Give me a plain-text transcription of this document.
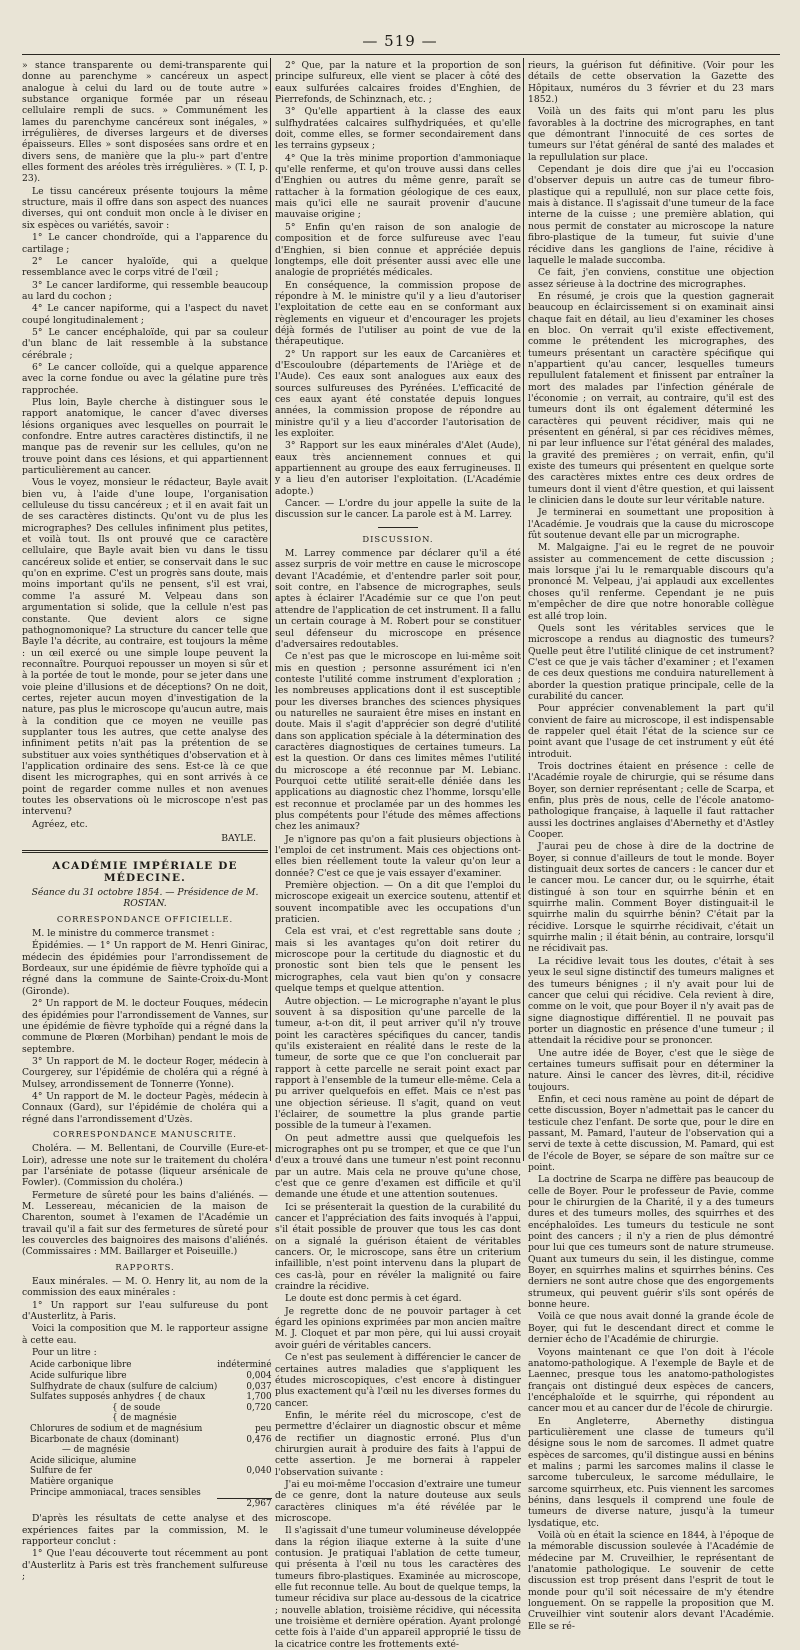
— 519 —

» stance transparente ou demi-transparente qui donne au parenchyme » cancéreux un aspect analogue à celui du lard ou de toute autre » substance organique formée par un réseau cellulaire rempli de sucs. » Communément les lames du parenchyme cancéreux sont inégales, » irrégulières, de diverses largeurs et de diverses épaisseurs. Elles » sont disposées sans ordre et en divers sens, de manière que la plu-» part d'entre elles forment des aréoles très irrégulières. » (T. I, p. 23).

Le tissu cancéreux présente toujours la même structure, mais il offre dans son aspect des nuances diverses, qui ont conduit mon oncle à le diviser en six espèces ou variétés, savoir :

1° Le cancer chondroïde, qui a l'apparence du cartilage ;

2° Le cancer hyaloïde, qui a quelque ressemblance avec le corps vitré de l'œil ;

3° Le cancer lardiforme, qui ressemble beaucoup au lard du cochon ;

4° Le cancer napiforme, qui a l'aspect du navet coupé longitudinalement ;

5° Le cancer encéphaloïde, qui par sa couleur d'un blanc de lait ressemble à la substance cérébrale ;

6° Le cancer colloïde, qui a quelque apparence avec la corne fondue ou avec la gélatine pure très rapprochée.

Plus loin, Bayle cherche à distinguer sous le rapport anatomique, le cancer d'avec diverses lésions organiques avec lesquelles on pourrait le confondre. Entre autres caractères distinctifs, il ne manque pas de revenir sur les cellules, qu'on ne trouve point dans ces lésions, et qui appartiennent particulièrement au cancer.

Vous le voyez, monsieur le rédacteur, Bayle avait bien vu, à l'aide d'une loupe, l'organisation celluleuse du tissu cancéreux ; et il en avait fait un de ses caractères distincts. Qu'ont vu de plus les micrographes? Des cellules infiniment plus petites, et voilà tout. Ils ont prouvé que ce caractère cellulaire, que Bayle avait bien vu dans le tissu cancéreux solide et entier, se conservait dans le suc qu'on en exprime. C'est un progrès sans doute, mais moins important qu'ils ne pensent, s'il est vrai, comme l'a assuré M. Velpeau dans son argumentation si solide, que la cellule n'est pas constante. Que devient alors ce signe pathognomonique? La structure du cancer telle que Bayle l'a décrite, au contraire, est toujours la même : un œil exercé ou une simple loupe peuvent la reconnaître. Pourquoi repousser un moyen si sûr et à la portée de tout le monde, pour se jeter dans une voie pleine d'illusions et de déceptions? On ne doit, certes, rejeter aucun moyen d'investigation de la nature, pas plus le microscope qu'aucun autre, mais à la condition que ce moyen ne veuille pas supplanter tous les autres, que cette analyse des infiniment petits n'ait pas la prétention de se substituer aux voies synthétiques d'observation et à l'application ordinaire des sens. Est-ce là ce que disent les micrographes, qui en sont arrivés à ce point de regarder comme nulles et non avenues toutes les observations où le microscope n'est pas intervenu?

Agréez, etc.

BAYLE.

ACADÉMIE IMPÉRIALE DE MÉDECINE.
Séance du 31 octobre 1854. — Présidence de M. ROSTAN.
CORRESPONDANCE OFFICIELLE.

M. le ministre du commerce transmet :

Épidémies. — 1° Un rapport de M. Henri Ginirac, médecin des épidémies pour l'arrondissement de Bordeaux, sur une épidémie de fièvre typhoïde qui a régné dans la commune de Sainte-Croix-du-Mont (Gironde).

2° Un rapport de M. le docteur Fouques, médecin des épidémies pour l'arrondissement de Vannes, sur une épidémie de fièvre typhoïde qui a régné dans la commune de Plœren (Morbihan) pendant le mois de septembre.

3° Un rapport de M. le docteur Roger, médecin à Courgerey, sur l'épidémie de choléra qui a régné à Mulsey, arrondissement de Tonnerre (Yonne).

4° Un rapport de M. le docteur Pagès, médecin à Connaux (Gard), sur l'épidémie de choléra qui a régné dans l'arrondissement d'Uzès.

CORRESPONDANCE MANUSCRITE.

Choléra. — M. Bellentani, de Courville (Eure-et-Loir), adresse une note sur le traitement du choléra par l'arséniate de potasse (liqueur arsénicale de Fowler). (Commission du choléra.)

Fermeture de sûreté pour les bains d'aliénés. — M. Lessereau, mécanicien de la maison de Charenton, soumet à l'examen de l'Académie un travail qu'il a fait sur des fermetures de sûreté pour les couvercles des baignoires des maisons d'aliénés. (Commissaires : MM. Baillarger et Poiseuille.)

RAPPORTS.

Eaux minérales. — M. O. Henry lit, au nom de la commission des eaux minérales :

1° Un rapport sur l'eau sulfureuse du pont d'Austerlitz, à Paris.

Voici la composition que M. le rapporteur assigne à cette eau.

Pour un litre :

Acide carbonique libre	indéterminé
Acide sulfurique libre	0,004
Sulfhydrate de chaux (sulfure de calcium)	0,037
Sulfates supposés anhydres { de chaux	1,700
{ de soude	0,720
{ de magnésie	
Chlorures de sodium et de magnésium	peu
Bicarbonate de chaux (dominant)	0,476
— de magnésie	
Acide silicique, alumine	
Sulfure de fer	0,040
Matière organique	
Principe ammoniacal, traces sensibles	
	2,967

D'après les résultats de cette analyse et des expériences faites par la commission, M. le rapporteur conclut :

1° Que l'eau découverte tout récemment au pont d'Austerlitz à Paris est très franchement sulfureuse ;

2° Que, par la nature et la proportion de son principe sulfureux, elle vient se placer à côté des eaux sulfurées calcaires froides d'Enghien, de Pierrefonds, de Schinznach, etc. ;

3° Qu'elle appartient à la classe des eaux sulfhydratées calcaires sulfhydriquées, et qu'elle doit, comme elles, se former secondairement dans les terrains gypseux ;

4° Que la très minime proportion d'ammoniaque qu'elle renferme, et qu'on trouve aussi dans celles d'Enghien ou autres du même genre, paraît se rattacher à la formation géologique de ces eaux, mais qu'ici elle ne saurait provenir d'aucune mauvaise origine ;

5° Enfin qu'en raison de son analogie de composition et de force sulfureuse avec l'eau d'Enghien, si bien connue et appréciée depuis longtemps, elle doit présenter aussi avec elle une analogie de propriétés médicales.

En conséquence, la commission propose de répondre à M. le ministre qu'il y a lieu d'autoriser l'exploitation de cette eau en se conformant aux règlements en vigueur et d'encourager les projets déjà formés de l'utiliser au point de vue de la thérapeutique.

2° Un rapport sur les eaux de Carcanières et d'Escouloubre (départements de l'Ariège et de l'Aude). Ces eaux sont analogues aux eaux des sources sulfureuses des Pyrénées. L'efficacité de ces eaux ayant été constatée depuis longues années, la commission propose de répondre au ministre qu'il y a lieu d'accorder l'autorisation de les exploiter.

3° Rapport sur les eaux minérales d'Alet (Aude), eaux très anciennement connues et qui appartiennent au groupe des eaux ferrugineuses. Il y a lieu d'en autoriser l'exploitation. (L'Académie adopte.)

Cancer. — L'ordre du jour appelle la suite de la discussion sur le cancer. La parole est à M. Larrey.

DISCUSSION.

M. Larrey commence par déclarer qu'il a été assez surpris de voir mettre en cause le microscope devant l'Académie, et d'entendre parler soit pour, soit contre, en l'absence de micrographes, seuls aptes à éclairer l'Académie sur ce que l'on peut attendre de l'application de cet instrument. Il a fallu un certain courage à M. Robert pour se constituer seul défenseur du microscope en présence d'adversaires redoutables.

Ce n'est pas que le microscope en lui-même soit mis en question ; personne assurément ici n'en conteste l'utilité comme instrument d'exploration ; les nombreuses applications dont il est susceptible pour les diverses branches des sciences physiques ou naturelles ne sauraient être mises en instant en doute. Mais il s'agit d'apprécier son degré d'utilité dans son application spéciale à la détermination des caractères diagnostiques de certaines tumeurs. La est la question. Or dans ces limites mêmes l'utilité du microscope a été reconnue par M. Lebianc. Pourquoi cette utilité serait-elle déniée dans les applications au diagnostic chez l'homme, lorsqu'elle est reconnue et proclamée par un des hommes les plus compétents pour l'étude des mêmes affections chez les animaux?

Je n'ignore pas qu'on a fait plusieurs objections à l'emploi de cet instrument. Mais ces objections ont-elles bien réellement toute la valeur qu'on leur a donnée? C'est ce que je vais essayer d'examiner.

Première objection. — On a dit que l'emploi du microscope exigeait un exercice soutenu, attentif et souvent incompatible avec les occupations d'un praticien.

Cela est vrai, et c'est regrettable sans doute ; mais si les avantages qu'on doit retirer du microscope pour la certitude du diagnostic et du pronostic sont bien tels que le pensent les micrographes, cela vaut bien qu'on y consacre quelque temps et quelque attention.

Autre objection. — Le micrographe n'ayant le plus souvent à sa disposition qu'une parcelle de la tumeur, a-t-on dit, il peut arriver qu'il n'y trouve point les caractères spécifiques du cancer, tandis qu'ils existeraient en réalité dans le reste de la tumeur, de sorte que ce que l'on concluerait par rapport à cette parcelle ne serait point exact par rapport à l'ensemble de la tumeur elle-même. Cela a pu arriver quelquefois en effet. Mais ce n'est pas une objection sérieuse. Il s'agit, quand on veut l'éclairer, de soumettre la plus grande partie possible de la tumeur à l'examen.

On peut admettre aussi que quelquefois les micrographes ont pu se tromper, et que ce que l'un d'eux a trouvé dans une tumeur n'est point reconnu par un autre. Mais cela ne prouve qu'une chose, c'est que ce genre d'examen est difficile et qu'il demande une étude et une attention soutenues.

Ici se présenterait la question de la curabilité du cancer et l'appréciation des faits invoqués à l'appui, s'il était possible de prouver que tous les cas dont on a signalé la guérison étaient de véritables cancers. Or, le microscope, sans être un criterium infaillible, n'est point intervenu dans la plupart de ces cas-là, pour en révéler la malignité ou faire craindre la récidive.

Le doute est donc permis à cet égard.

Je regrette donc de ne pouvoir partager à cet égard les opinions exprimées par mon ancien maître M. J. Cloquet et par mon père, qui lui aussi croyait avoir guéri de véritables cancers.

Ce n'est pas seulement à différencier le cancer de certaines autres maladies que s'appliquent les études microscopiques, c'est encore à distinguer plus exactement qu'à l'œil nu les diverses formes du cancer.

Enfin, le mérite réel du microscope, c'est de permettre d'éclairer un diagnostic obscur et même de rectifier un diagnostic erroné. Plus d'un chirurgien aurait à produire des faits à l'appui de cette assertion. Je me bornerai à rappeler l'observation suivante :

J'ai eu moi-même l'occasion d'extraire une tumeur de ce genre, dont la nature douteuse aux seuls caractères cliniques m'a été révélée par le microscope.

Il s'agissait d'une tumeur volumineuse développée dans la région iliaque externe à la suite d'une contusion. Je pratiquai l'ablation de cette tumeur, qui présenta à l'œil nu tous les caractères des tumeurs fibro-plastiques. Examinée au microscope, elle fut reconnue telle. Au bout de quelque temps, la tumeur récidiva sur place au-dessous de la cicatrice ; nouvelle ablation, troisième récidive, qui nécessita une troisième et dernière opération. Ayant prolongé cette fois à l'aide d'un appareil approprié le tissu de la cicatrice contre les frottements exté-

rieurs, la guérison fut définitive. (Voir pour les détails de cette observation la Gazette des Hôpitaux, numéros du 3 février et du 23 mars 1852.)

Voilà un des faits qui m'ont paru les plus favorables à la doctrine des micrographes, en tant que démontrant l'innocuité de ces sortes de tumeurs sur l'état général de santé des malades et la repullulation sur place.

Cependant je dois dire que j'ai eu l'occasion d'observer depuis un autre cas de tumeur fibro-plastique qui a repullulé, non sur place cette fois, mais à distance. Il s'agissait d'une tumeur de la face interne de la cuisse ; une première ablation, qui nous permit de constater au microscope la nature fibro-plastique de la tumeur, fut suivie d'une récidive dans les ganglions de l'aine, récidive à laquelle le malade succomba.

Ce fait, j'en conviens, constitue une objection assez sérieuse à la doctrine des micrographes.

En résumé, je crois que la question gagnerait beaucoup en éclaircissement si on examinait ainsi chaque fait en détail, au lieu d'examiner les choses en bloc. On verrait qu'il existe effectivement, comme le prétendent les micrographes, des tumeurs présentant un caractère spécifique qui n'appartient qu'au cancer, lesquelles tumeurs repullulent fatalement et finissent par entraîner la mort des malades par l'infection générale de l'économie ; on verrait, au contraire, qu'il est des tumeurs dont ils ont également déterminé les caractères qui peuvent récidiver, mais qui ne présentent en général, si par ces récidives mêmes, ni par leur influence sur l'état général des malades, la gravité des premières ; on verrait, enfin, qu'il existe des tumeurs qui présentent en quelque sorte des caractères mixtes entre ces deux ordres de tumeurs dont il vient d'être question, et qui laissent le clinicien dans le doute sur leur véritable nature.

Je terminerai en soumettant une proposition à l'Académie. Je voudrais que la cause du microscope fût soutenue devant elle par un micrographe.

M. Malgaigne. J'ai eu le regret de ne pouvoir assister au commencement de cette discussion ; mais lorsque j'ai lu le remarquable discours qu'a prononcé M. Velpeau, j'ai applaudi aux excellentes choses qu'il renferme. Cependant je ne puis m'empêcher de dire que notre honorable collègue est allé trop loin.

Quels sont les véritables services que le microscope a rendus au diagnostic des tumeurs? Quelle peut être l'utilité clinique de cet instrument? C'est ce que je vais tâcher d'examiner ; et l'examen de ces deux questions me conduira naturellement à aborder la question pratique principale, celle de la curabilité du cancer.

Pour apprécier convenablement la part qu'il convient de faire au microscope, il est indispensable de rappeler quel était l'état de la science sur ce point avant que l'usage de cet instrument y eût été introduit.

Trois doctrines étaient en présence : celle de l'Académie royale de chirurgie, qui se résume dans Boyer, son dernier représentant ; celle de Scarpa, et enfin, plus près de nous, celle de l'école anatomo-pathologique française, à laquelle il faut rattacher aussi les doctrines anglaises d'Abernethy et d'Astley Cooper.

J'aurai peu de chose à dire de la doctrine de Boyer, si connue d'ailleurs de tout le monde. Boyer distinguait deux sortes de cancers : le cancer dur et le cancer mou. Le cancer dur, ou le squirrhe, était distingué à son tour en squirrhe bénin et en squirrhe malin. Comment Boyer distinguait-il le squirrhe malin du squirrhe bénin? C'était par la récidive. Lorsque le squirrhe récidivait, c'était un squirrhe malin ; il était bénin, au contraire, lorsqu'il ne récidivait pas.

La récidive levait tous les doutes, c'était à ses yeux le seul signe distinctif des tumeurs malignes et des tumeurs bénignes ; il n'y avait pour lui de cancer que celui qui récidive. Cela revient à dire, comme on le voit, que pour Boyer il n'y avait pas de signe diagnostique différentiel. Il ne pouvait pas porter un diagnostic en présence d'une tumeur ; il attendait la récidive pour se prononcer.

Une autre idée de Boyer, c'est que le siège de certaines tumeurs suffisait pour en déterminer la nature. Ainsi le cancer des lèvres, dit-il, récidive toujours.

Enfin, et ceci nous ramène au point de départ de cette discussion, Boyer n'admettait pas le cancer du testicule chez l'enfant. De sorte que, pour le dire en passant, M. Pamard, l'auteur de l'observation qui a servi de texte à cette discussion, M. Pamard, qui est de l'école de Boyer, se sépare de son maître sur ce point.

La doctrine de Scarpa ne diffère pas beaucoup de celle de Boyer. Pour le professeur de Pavie, comme pour le chirurgien de la Charité, il y a des tumeurs dures et des tumeurs molles, des squirrhes et des encéphaloïdes. Les tumeurs du testicule ne sont point des cancers ; il n'y a rien de plus démontré pour lui que ces tumeurs sont de nature strumeuse. Quant aux tumeurs du sein, il les distingue, comme Boyer, en squirrhes malins et squirrhes bénins. Ces derniers ne sont autre chose que des engorgements strumeux, qui peuvent guérir s'ils sont opérés de bonne heure.

Voilà ce que nous avait donné la grande école de Boyer, qui fut le descendant direct et comme le dernier écho de l'Académie de chirurgie.

Voyons maintenant ce que l'on doit à l'école anatomo-pathologique. A l'exemple de Bayle et de Laennec, presque tous les anatomo-pathologistes français ont distingué deux espèces de cancers, l'encéphaloïde et le squirrhe, qui répondent au cancer mou et au cancer dur de l'école de chirurgie.

En Angleterre, Abernethy distingua particulièrement une classe de tumeurs qu'il désigne sous le nom de sarcomes. Il admet quatre espèces de sarcomes, qu'il distingue aussi en bénins et malins ; parmi les sarcomes malins il classe le sarcome tuberculeux, le sarcome médullaire, le sarcome squirrheux, etc. Puis viennent les sarcomes bénins, dans lesquels il comprend une foule de tumeurs de diverse nature, jusqu'à la tumeur lysdatique, etc.

Voilà où en était la science en 1844, à l'époque de la mémorable discussion soulevée à l'Académie de médecine par M. Cruveilhier, le représentant de l'anatomie pathologique. Le souvenir de cette discussion est trop présent dans l'esprit de tout le monde pour qu'il soit nécessaire de m'y étendre longuement. On se rappelle la proposition que M. Cruveilhier vint soutenir alors devant l'Académie. Elle se ré-
